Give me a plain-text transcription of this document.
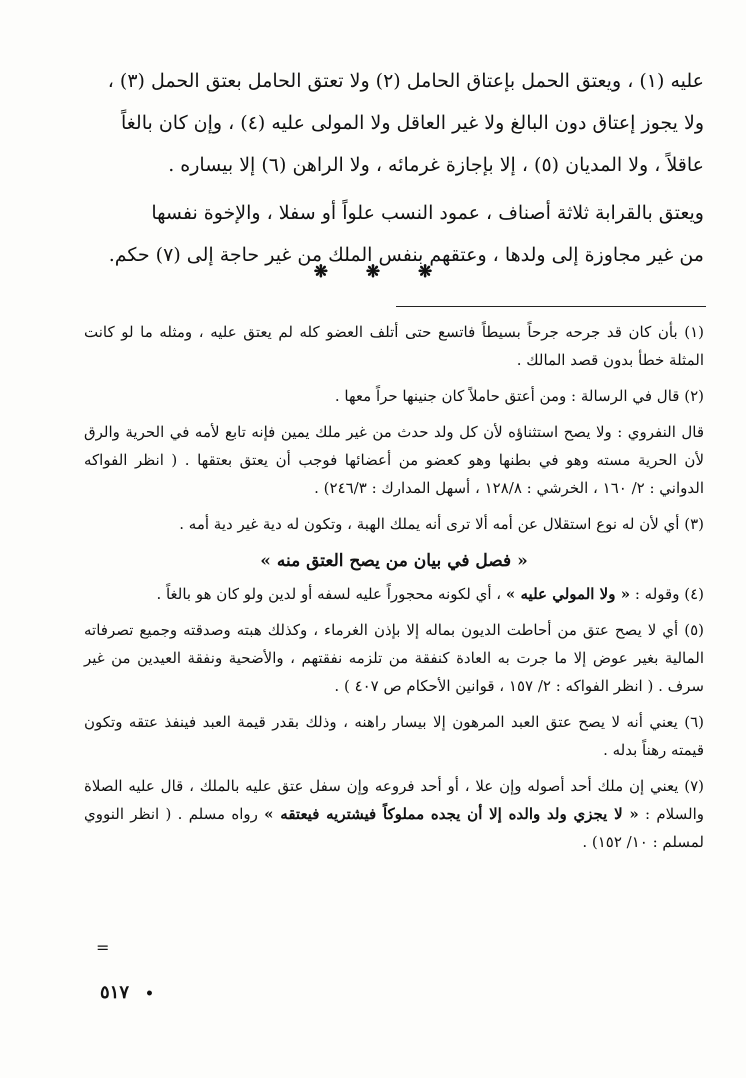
عليه (١) ، ويعتق الحمل بإعتاق الحامل (٢) ولا تعتق الحامل بعتق الحمل (٣) ،
ولا يجوز إعتاق دون البالغ ولا غير العاقل ولا المولى عليه (٤) ، وإن كان بالغاً
عاقلاً ، ولا المديان (٥) ، إلا بإجازة غرمائه ، ولا الراهن (٦) إلا بيساره .

ويعتق بالقرابة ثلاثة أصناف ، عمود النسب علواً أو سفلا ، والإخوة نفسها
من غير مجاوزة إلى ولدها ، وعتقهم بنفس الملك من غير حاجة إلى (٧) حكم.

❋ ❋ ❋

(١) بأن كان قد جرحه جرحاً بسيطاً فاتسع حتى أتلف العضو كله لم يعتق عليه ، ومثله ما لو كانت المثلة خطأ بدون قصد المالك .

(٢) قال في الرسالة : ومن أعتق حاملاً كان جنينها حراً معها .

قال النفروي : ولا يصح استثناؤه لأن كل ولد حدث من غير ملك يمين فإنه تابع لأمه في الحرية والرق لأن الحرية مسته وهو في بطنها وهو كعضو من أعضائها فوجب أن يعتق بعتقها . ( انظر الفواكه الدواني : ٢/ ١٦٠ ، الخرشي : ١٢٨/٨ ، أسهل المدارك : ٢٤٦/٣) .

(٣) أي لأن له نوع استقلال عن أمه ألا ترى أنه يملك الهبة ، وتكون له دية غير دية أمه .

« فصل في بيان من يصح العتق منه »

(٤) وقوله : « ولا المولي عليه » ، أي لكونه محجوراً عليه لسفه أو لدين ولو كان هو بالغاً .

(٥) أي لا يصح عتق من أحاطت الديون بماله إلا بإذن الغرماء ، وكذلك هبته وصدقته وجميع تصرفاته المالية بغير عوض إلا ما جرت به العادة كنفقة من تلزمه نفقتهم ، والأضحية ونفقة العيدين من غير سرف . ( انظر الفواكه : ٢/ ١٥٧ ، قوانين الأحكام ص ٤٠٧ ) .

(٦) يعني أنه لا يصح عتق العبد المرهون إلا بيسار راهنه ، وذلك بقدر قيمة العبد فينفذ عتقه وتكون قيمته رهناً بدله .

(٧) يعني إن ملك أحد أصوله وإن علا ، أو أحد فروعه وإن سفل عتق عليه بالملك ، قال عليه الصلاة والسلام : « لا يجزي ولد والده إلا أن يجده مملوكاً فيشتريه فيعتقه » رواه مسلم . ( انظر النووي لمسلم : ١٠/ ١٥٢) .

=
٥١٧ •
